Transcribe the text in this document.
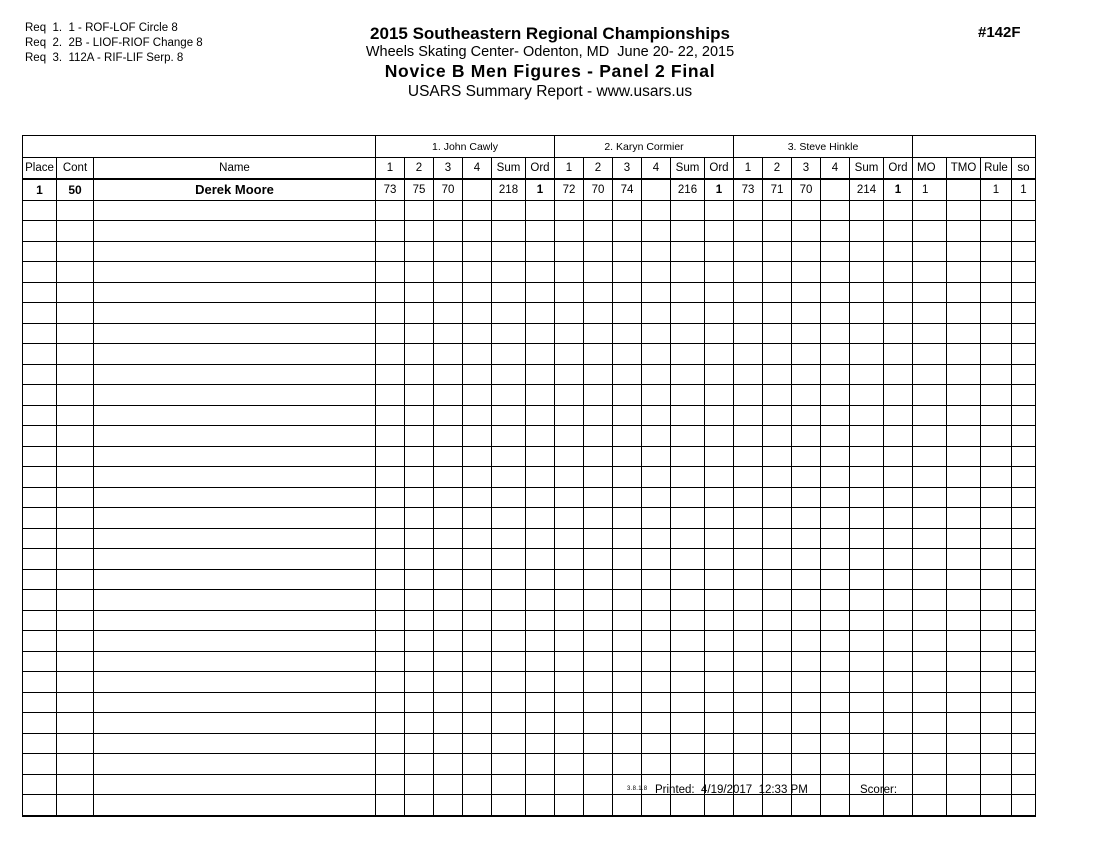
Req  1.  1 - ROF-LOF Circle 8
Req  2.  2B - LIOF-RIOF Change 8
Req  3.  112A - RIF-LIF Serp. 8
2015 Southeastern Regional Championships
Wheels Skating Center- Odenton, MD  June 20- 22, 2015
Novice B Men Figures - Panel 2 Final
USARS Summary Report - www.usars.us
#142F
			1. John Cawly						2. Karyn Cormier						3. Steve Hinkle									
Place	Cont	Name	1	2	3	4	Sum	Ord	1	2	3	4	Sum	Ord	1	2	3	4	Sum	Ord	MO	TMO	Rule	so
1	50	Derek Moore	73	75	70		218	1	72	70	74		216	1	73	71	70		214	1	1		1	1

3.8.1.8 Printed:  4/19/2017  12:33 PM	Scorer:
